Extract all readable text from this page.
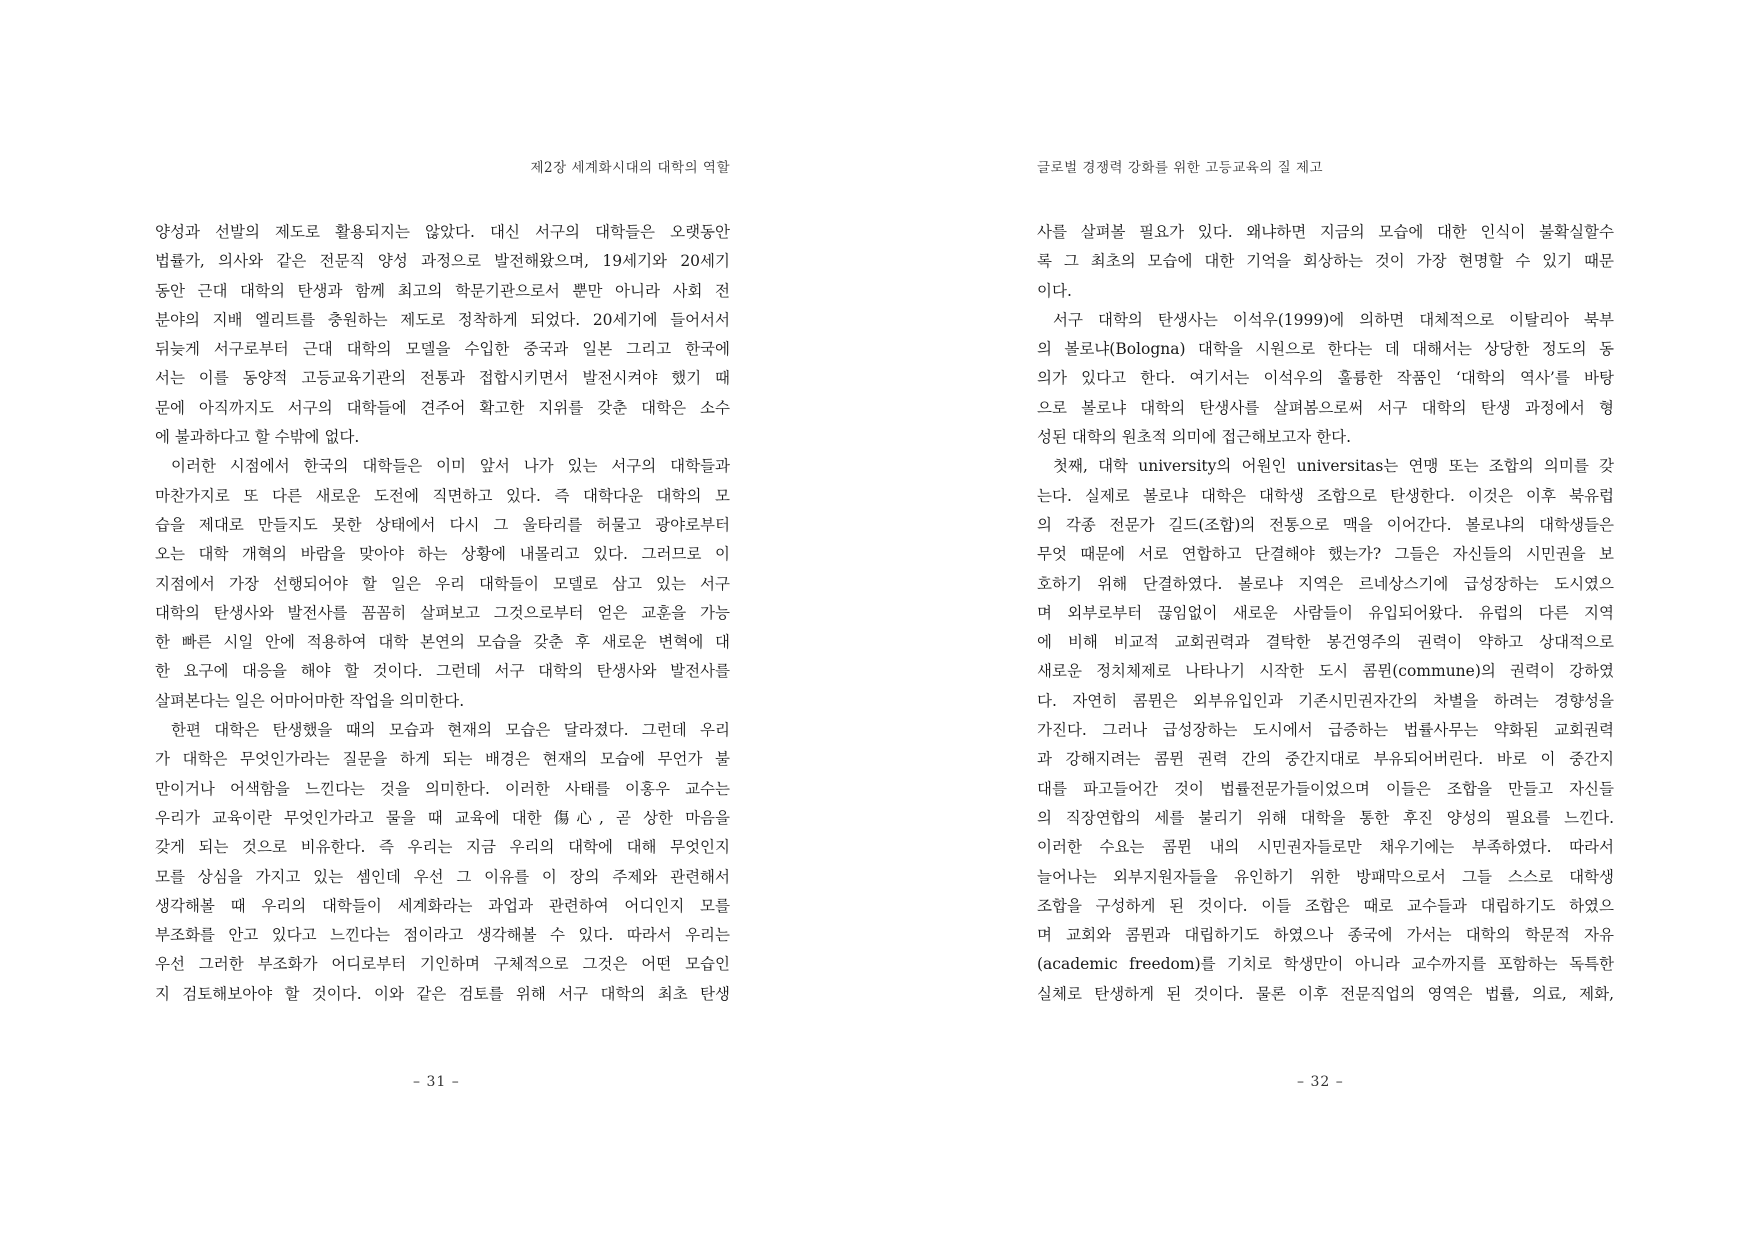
제2장 세계화시대의 대학의 역할
양성과 선발의 제도로 활용되지는 않았다. 대신 서구의 대학들은 오랫동안
법률가, 의사와 같은 전문직 양성 과정으로 발전해왔으며, 19세기와 20세기
동안 근대 대학의 탄생과 함께 최고의 학문기관으로서 뿐만 아니라 사회 전
분야의 지배 엘리트를 충원하는 제도로 정착하게 되었다. 20세기에 들어서서
뒤늦게 서구로부터 근대 대학의 모델을 수입한 중국과 일본 그리고 한국에
서는 이를 동양적 고등교육기관의 전통과 접합시키면서 발전시켜야 했기 때
문에 아직까지도 서구의 대학들에 견주어 확고한 지위를 갖춘 대학은 소수
에 불과하다고 할 수밖에 없다.
이러한 시점에서 한국의 대학들은 이미 앞서 나가 있는 서구의 대학들과
마찬가지로 또 다른 새로운 도전에 직면하고 있다. 즉 대학다운 대학의 모
습을 제대로 만들지도 못한 상태에서 다시 그 울타리를 허물고 광야로부터
오는 대학 개혁의 바람을 맞아야 하는 상황에 내몰리고 있다. 그러므로 이
지점에서 가장 선행되어야 할 일은 우리 대학들이 모델로 삼고 있는 서구
대학의 탄생사와 발전사를 꼼꼼히 살펴보고 그것으로부터 얻은 교훈을 가능
한 빠른 시일 안에 적용하여 대학 본연의 모습을 갖춘 후 새로운 변혁에 대
한 요구에 대응을 해야 할 것이다. 그런데 서구 대학의 탄생사와 발전사를
살펴본다는 일은 어마어마한 작업을 의미한다.
한편 대학은 탄생했을 때의 모습과 현재의 모습은 달라졌다. 그런데 우리
가 대학은 무엇인가라는 질문을 하게 되는 배경은 현재의 모습에 무언가 불
만이거나 어색함을 느낀다는 것을 의미한다. 이러한 사태를 이홍우 교수는
우리가 교육이란 무엇인가라고 물을 때 교육에 대한 傷心, 곧 상한 마음을
갖게 되는 것으로 비유한다. 즉 우리는 지금 우리의 대학에 대해 무엇인지
모를 상심을 가지고 있는 셈인데 우선 그 이유를 이 장의 주제와 관련해서
생각해볼 때 우리의 대학들이 세계화라는 과업과 관련하여 어디인지 모를
부조화를 안고 있다고 느낀다는 점이라고 생각해볼 수 있다. 따라서 우리는
우선 그러한 부조화가 어디로부터 기인하며 구체적으로 그것은 어떤 모습인
지 검토해보아야 할 것이다. 이와 같은 검토를 위해 서구 대학의 최초 탄생
– 31 –
글로벌 경쟁력 강화를 위한 고등교육의 질 제고
사를 살펴볼 필요가 있다. 왜냐하면 지금의 모습에 대한 인식이 불확실할수
록 그 최초의 모습에 대한 기억을 회상하는 것이 가장 현명할 수 있기 때문
이다.
서구 대학의 탄생사는 이석우(1999)에 의하면 대체적으로 이탈리아 북부
의 볼로냐(Bologna) 대학을 시원으로 한다는 데 대해서는 상당한 정도의 동
의가 있다고 한다. 여기서는 이석우의 훌륭한 작품인 ‘대학의 역사’를 바탕
으로 볼로냐 대학의 탄생사를 살펴봄으로써 서구 대학의 탄생 과정에서 형
성된 대학의 원초적 의미에 접근해보고자 한다.
첫째, 대학 university의 어원인 universitas는 연맹 또는 조합의 의미를 갖
는다. 실제로 볼로냐 대학은 대학생 조합으로 탄생한다. 이것은 이후 북유럽
의 각종 전문가 길드(조합)의 전통으로 맥을 이어간다. 볼로냐의 대학생들은
무엇 때문에 서로 연합하고 단결해야 했는가? 그들은 자신들의 시민권을 보
호하기 위해 단결하였다. 볼로냐 지역은 르네상스기에 급성장하는 도시였으
며 외부로부터 끊임없이 새로운 사람들이 유입되어왔다. 유럽의 다른 지역
에 비해 비교적 교회권력과 결탁한 봉건영주의 권력이 약하고 상대적으로
새로운 정치체제로 나타나기 시작한 도시 콤뮌(commune)의 권력이 강하였
다. 자연히 콤뮌은 외부유입인과 기존시민권자간의 차별을 하려는 경향성을
가진다. 그러나 급성장하는 도시에서 급증하는 법률사무는 약화된 교회권력
과 강해지려는 콤뮌 권력 간의 중간지대로 부유되어버린다. 바로 이 중간지
대를 파고들어간 것이 법률전문가들이었으며 이들은 조합을 만들고 자신들
의 직장연합의 세를 불리기 위해 대학을 통한 후진 양성의 필요를 느낀다.
이러한 수요는 콤뮌 내의 시민권자들로만 채우기에는 부족하였다. 따라서
늘어나는 외부지원자들을 유인하기 위한 방패막으로서 그들 스스로 대학생
조합을 구성하게 된 것이다. 이들 조합은 때로 교수들과 대립하기도 하였으
며 교회와 콤뮌과 대립하기도 하였으나 종국에 가서는 대학의 학문적 자유
(academic freedom)를 기치로 학생만이 아니라 교수까지를 포함하는 독특한
실체로 탄생하게 된 것이다. 물론 이후 전문직업의 영역은 법률, 의료, 제화,
– 32 –
